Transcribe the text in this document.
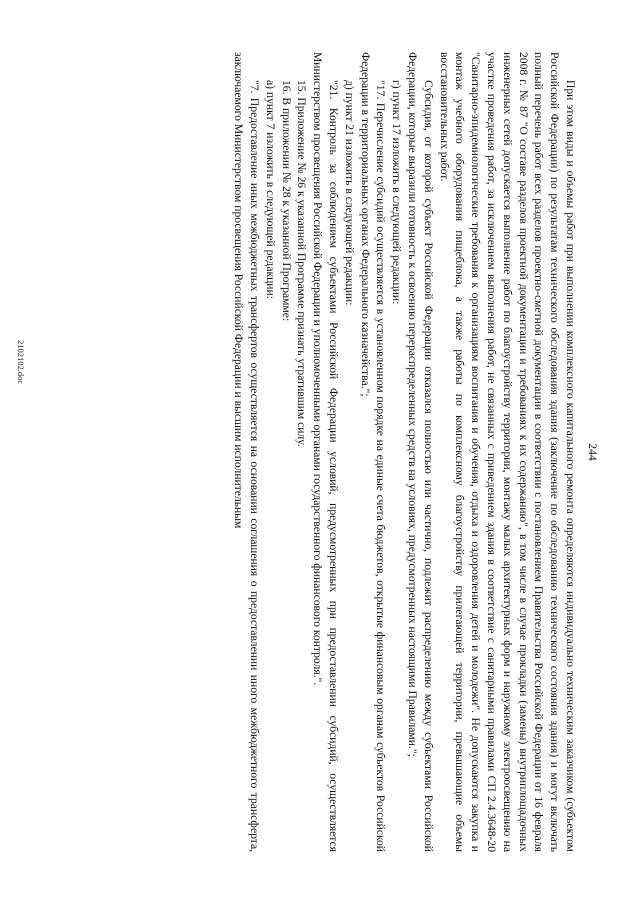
244

При этом виды и объемы работ при выполнении комплексного капитального ремонта определяются индивидуально техническим заказчиком (субъектом Российской Федерации) по результатам технического обследования здания (заключение по обследованию технического состояния здания) и могут включать полный перечень работ всех разделов проектно-сметной документации в соответствии с постановлением Правительства Российской Федерации от 16 февраля 2008 г. № 87 "О составе разделов проектной документации и требованиях к их содержанию", в том числе в случае прокладки (замены) внутриплощадочных инженерных сетей допускается выполнение работ по благоустройству территории, монтажу малых архитектурных форм и наружному электроосвещению на участке проведения работ, за исключением выполнения работ, не связанных с приведением здания в соответствие с санитарными правилами СП 2.4.3648-20 "Санитарно-эпидемиологические требования к организациям воспитания и обучения, отдыха и оздоровления детей и молодежи". Не допускаются закупка и монтаж учебного оборудования пищеблока, а также работы по комплексному благоустройству прилегающей территории, превышающие объемы восстановительных работ.

Субсидия, от которой субъект Российской Федерации отказался полностью или частично, подлежит распределению между субъектами Российской Федерации, которые выразили готовность к освоению перераспределенных средств на условиях, предусмотренных настоящими Правилами.";

г) пункт 17 изложить в следующей редакции:

"17. Перечисление субсидий осуществляется в установленном порядке на единые счета бюджетов, открытые финансовым органам субъектов Российской Федерации в территориальных органах Федерального казначейства.";

д) пункт 21 изложить в следующей редакции:

"21. Контроль за соблюдением субъектами Российской Федерации условий, предусмотренных при предоставлении субсидий, осуществляется Министерством просвещения Российской Федерации и уполномоченными органами государственного финансового контроля.".

15. Приложение № 26 к указанной Программе признать утратившим силу.

16. В приложении № 28 к указанной Программе:

а) пункт 7 изложить в следующей редакции:

"7. Предоставление иных межбюджетных трансфертов осуществляется на основании соглашения о предоставлении иного межбюджетного трансферта, заключаемого Министерством просвещения Российской Федерации и высшим исполнительным

2102102.doc
